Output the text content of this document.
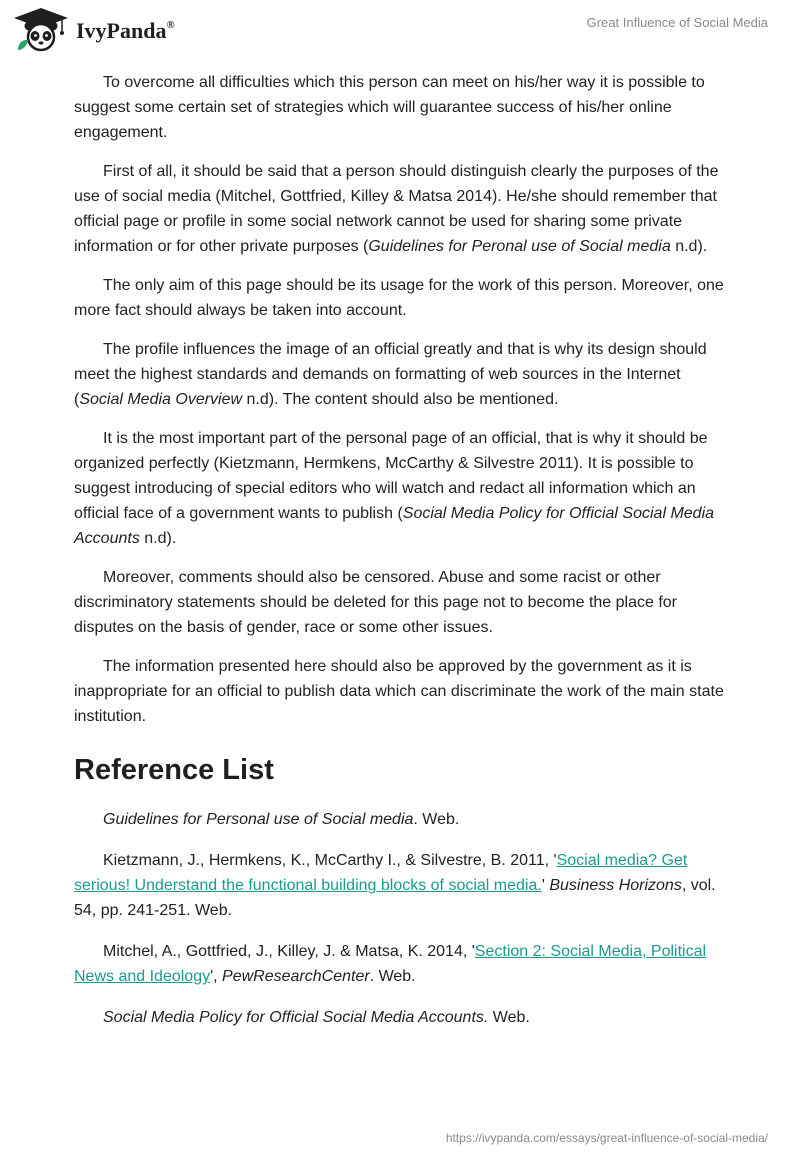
IvyPanda®	Great Influence of Social Media

To overcome all difficulties which this person can meet on his/her way it is possible to suggest some certain set of strategies which will guarantee success of his/her online engagement.

First of all, it should be said that a person should distinguish clearly the purposes of the use of social media (Mitchel, Gottfried, Killey & Matsa 2014). He/she should remember that official page or profile in some social network cannot be used for sharing some private information or for other private purposes (Guidelines for Peronal use of Social media n.d).

The only aim of this page should be its usage for the work of this person. Moreover, one more fact should always be taken into account.

The profile influences the image of an official greatly and that is why its design should meet the highest standards and demands on formatting of web sources in the Internet (Social Media Overview n.d). The content should also be mentioned.

It is the most important part of the personal page of an official, that is why it should be organized perfectly (Kietzmann, Hermkens, McCarthy & Silvestre 2011). It is possible to suggest introducing of special editors who will watch and redact all information which an official face of a government wants to publish (Social Media Policy for Official Social Media Accounts n.d).

Moreover, comments should also be censored. Abuse and some racist or other discriminatory statements should be deleted for this page not to become the place for disputes on the basis of gender, race or some other issues.

The information presented here should also be approved by the government as it is inappropriate for an official to publish data which can discriminate the work of the main state institution.

Reference List

Guidelines for Personal use of Social media. Web.

Kietzmann, J., Hermkens, K., McCarthy I., & Silvestre, B. 2011, 'Social media? Get serious! Understand the functional building blocks of social media.' Business Horizons, vol. 54, pp. 241-251. Web.

Mitchel, A., Gottfried, J., Killey, J. & Matsa, K. 2014, 'Section 2: Social Media, Political News and Ideology', PewResearchCenter. Web.

Social Media Policy for Official Social Media Accounts. Web.

https://ivypanda.com/essays/great-influence-of-social-media/
